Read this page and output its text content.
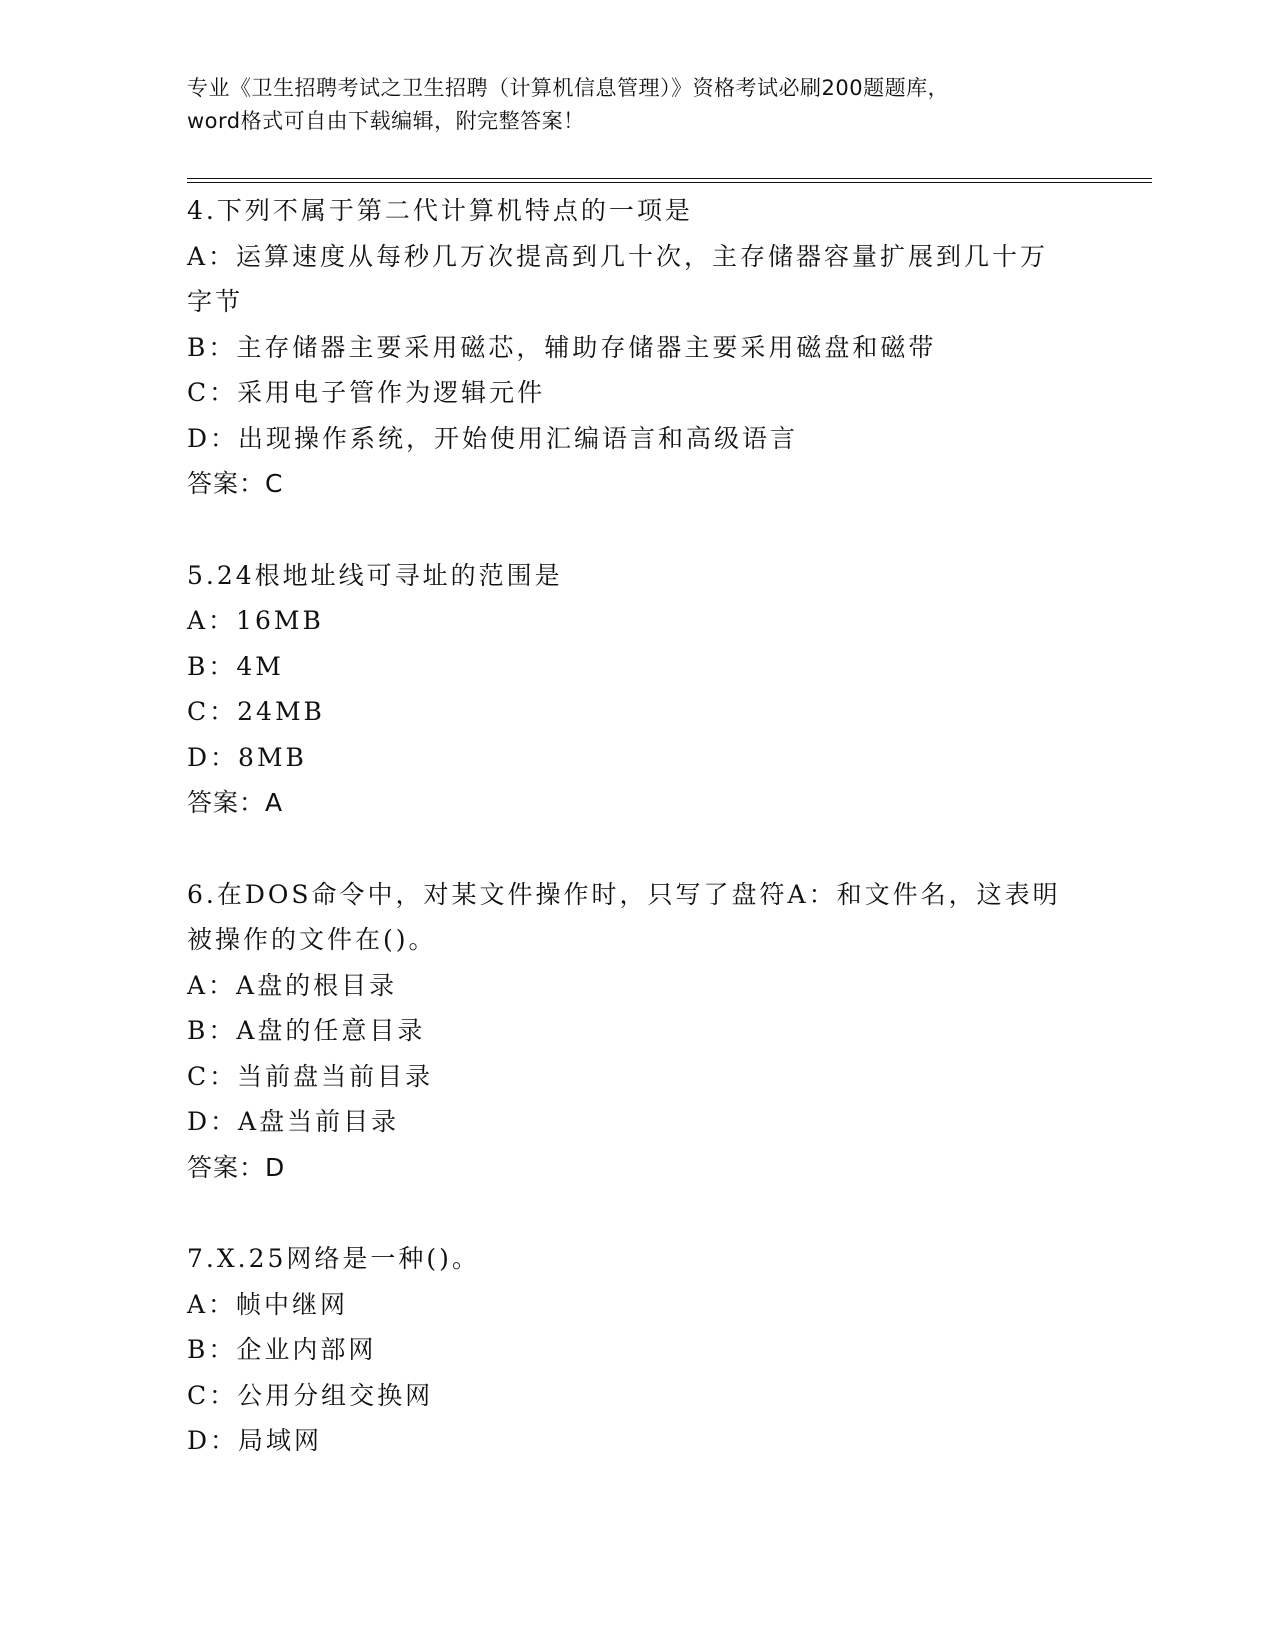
专业《卫生招聘考试之卫生招聘（计算机信息管理）》资格考试必刷200题题库，
word格式可自由下载编辑，附完整答案！
4.下列不属于第二代计算机特点的一项是
A：运算速度从每秒几万次提高到几十次，主存储器容量扩展到几十万字节
B：主存储器主要采用磁芯，辅助存储器主要采用磁盘和磁带
C：采用电子管作为逻辑元件
D：出现操作系统，开始使用汇编语言和高级语言
答案：C
5.24根地址线可寻址的范围是
A：16MB
B：4M
C：24MB
D：8MB
答案：A
6.在DOS命令中，对某文件操作时，只写了盘符A：和文件名，这表明被操作的文件在()。
A：A盘的根目录
B：A盘的任意目录
C：当前盘当前目录
D：A盘当前目录
答案：D
7.X.25网络是一种()。
A：帧中继网
B：企业内部网
C：公用分组交换网
D：局域网
